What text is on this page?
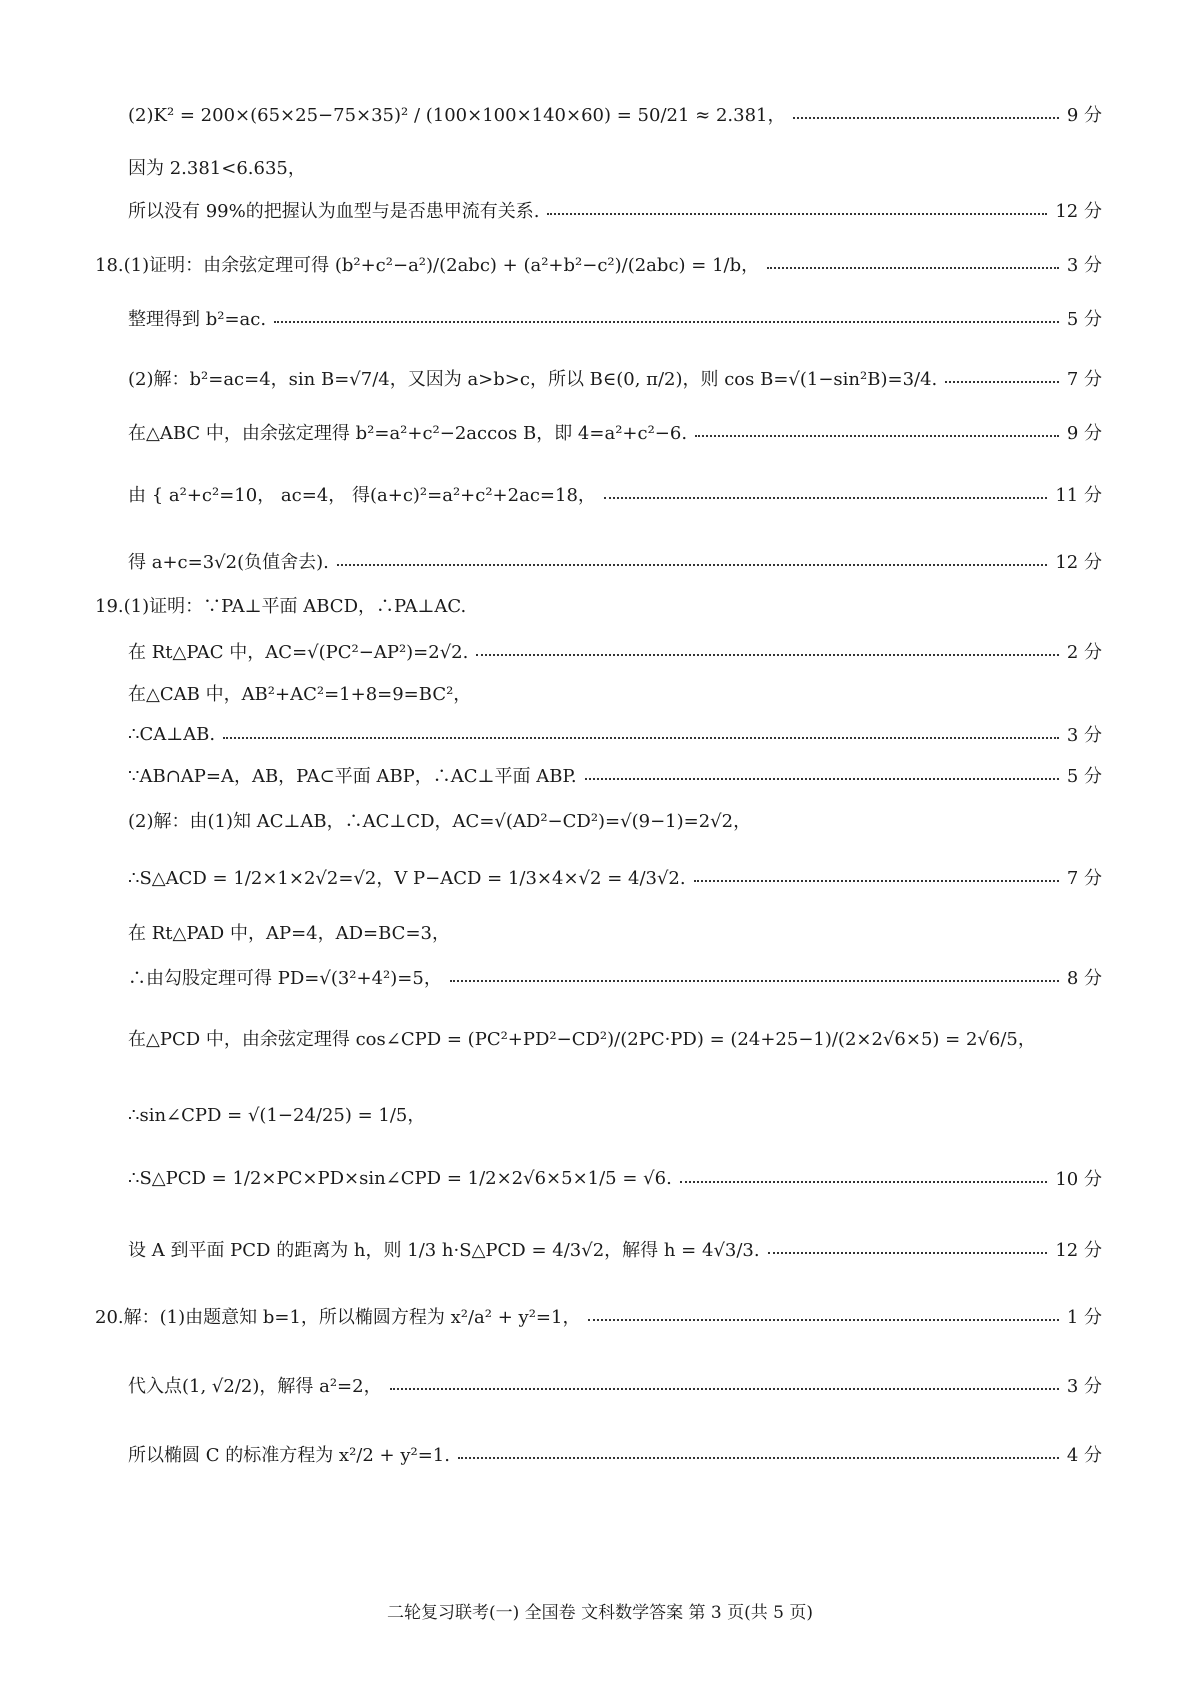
(2)K² = 200×(65×25−75×35)² / (100×100×140×60) = 50/21 ≈ 2.381，	9 分
因为 2.381<6.635，
所以没有 99%的把握认为血型与是否患甲流有关系.	12 分
18.(1)证明：由余弦定理可得 (b²+c²−a²)/(2abc) + (a²+b²−c²)/(2abc) = 1/b，	3 分
整理得到 b²=ac.	5 分
(2)解：b²=ac=4，sin B=√7/4，又因为 a>b>c，所以 B∈(0, π/2)，则 cos B=√(1−sin²B)=3/4.	7 分
在△ABC 中，由余弦定理得 b²=a²+c²−2accos B，即 4=a²+c²−6.	9 分
由 { a²+c²=10， ac=4， 得(a+c)²=a²+c²+2ac=18，	11 分
得 a+c=3√2(负值舍去).	12 分
19.(1)证明：∵PA⊥平面 ABCD，∴PA⊥AC.
在 Rt△PAC 中，AC=√(PC²−AP²)=2√2.	2 分
在△CAB 中，AB²+AC²=1+8=9=BC²，
∴CA⊥AB.	3 分
∵AB∩AP=A，AB，PA⊂平面 ABP，∴AC⊥平面 ABP.	5 分
(2)解：由(1)知 AC⊥AB，∴AC⊥CD，AC=√(AD²−CD²)=√(9−1)=2√2，
∴S△ACD = 1/2×1×2√2=√2，V P−ACD = 1/3×4×√2 = 4/3√2.	7 分
在 Rt△PAD 中，AP=4，AD=BC=3，
∴由勾股定理可得 PD=√(3²+4²)=5，	8 分
在△PCD 中，由余弦定理得 cos∠CPD = (PC²+PD²−CD²)/(2PC·PD) = (24+25−1)/(2×2√6×5) = 2√6/5，
∴sin∠CPD = √(1−24/25) = 1/5，
∴S△PCD = 1/2×PC×PD×sin∠CPD = 1/2×2√6×5×1/5 = √6.	10 分
设 A 到平面 PCD 的距离为 h，则 1/3 h·S△PCD = 4/3√2，解得 h = 4√3/3.	12 分
20.解：(1)由题意知 b=1，所以椭圆方程为 x²/a² + y²=1，	1 分
代入点(1, √2/2)，解得 a²=2，	3 分
所以椭圆 C 的标准方程为 x²/2 + y²=1.	4 分
二轮复习联考(一) 全国卷 文科数学答案 第 3 页(共 5 页)
